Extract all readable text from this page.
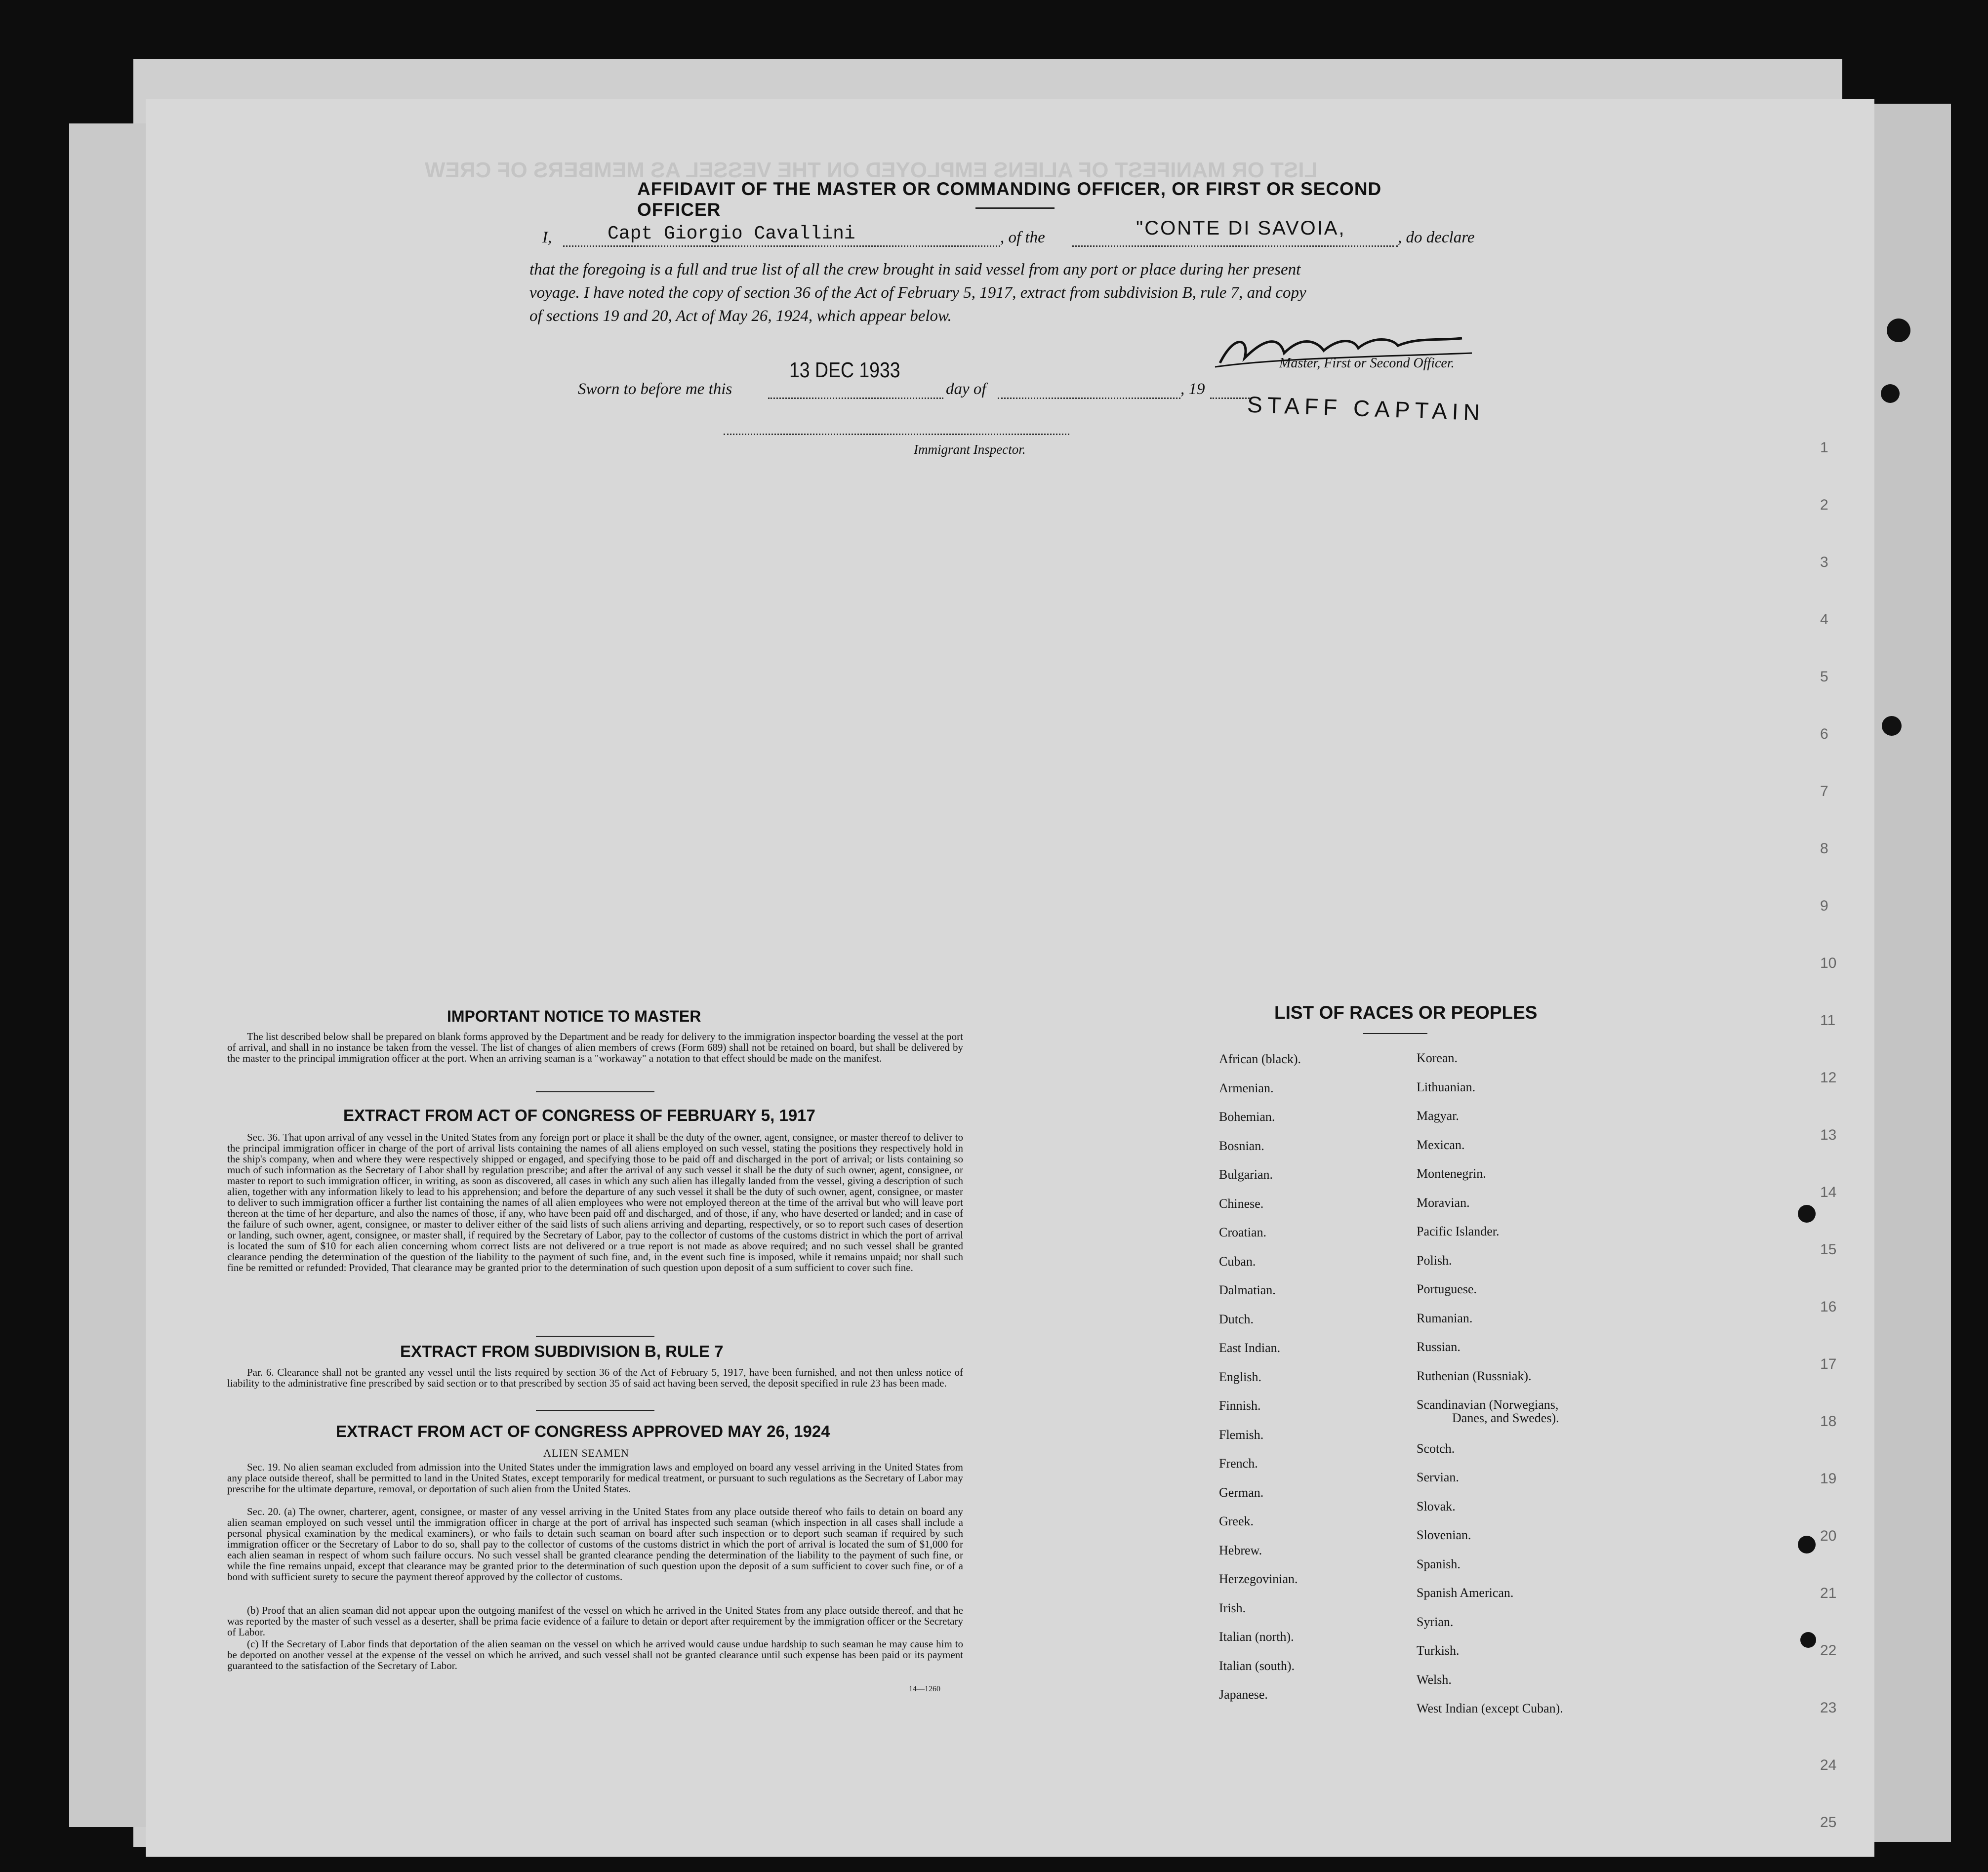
LIST OR MANIFEST OF ALIENS EMPLOYED ON THE VESSEL AS MEMBERS OF CREW
1
2
3
4
5
6
7
8
9
10
11
12
13
14
15
16
17
18
19
20
21
22
23
24
25
AFFIDAVIT OF THE MASTER OR COMMANDING OFFICER, OR FIRST OR SECOND OFFICER
I,	Capt Giorgio Cavallini	, of the	"CONTE DI SAVOIA,	, do declare
that the foregoing is a full and true list of all the crew brought in said vessel from any port or place during her present
voyage. I have noted the copy of section 36 of the Act of February 5, 1917, extract from subdivision B, rule 7, and copy
of sections 19 and 20, Act of May 26, 1924, which appear below.
Master, First or Second Officer.
Sworn to before me this
13 DEC 1933
day of	, 19
STAFF CAPTAIN
Immigrant Inspector.
IMPORTANT NOTICE TO MASTER
The list described below shall be prepared on blank forms approved by the Department and be ready for delivery to the immigration inspector boarding the vessel at the port of arrival, and shall in no instance be taken from the vessel. The list of changes of alien members of crews (Form 689) shall not be retained on board, but shall be delivered by the master to the principal immigration officer at the port. When an arriving seaman is a "workaway" a notation to that effect should be made on the manifest.
EXTRACT FROM ACT OF CONGRESS OF FEBRUARY 5, 1917
Sec. 36. That upon arrival of any vessel in the United States from any foreign port or place it shall be the duty of the owner, agent, consignee, or master thereof to deliver to the principal immigration officer in charge of the port of arrival lists containing the names of all aliens employed on such vessel, stating the positions they respectively hold in the ship's company, when and where they were respectively shipped or engaged, and specifying those to be paid off and discharged in the port of arrival; or lists containing so much of such information as the Secretary of Labor shall by regulation prescribe; and after the arrival of any such vessel it shall be the duty of such owner, agent, consignee, or master to report to such immigration officer, in writing, as soon as discovered, all cases in which any such alien has illegally landed from the vessel, giving a description of such alien, together with any information likely to lead to his apprehension; and before the departure of any such vessel it shall be the duty of such owner, agent, consignee, or master to deliver to such immigration officer a further list containing the names of all alien employees who were not employed thereon at the time of the arrival but who will leave port thereon at the time of her departure, and also the names of those, if any, who have been paid off and discharged, and of those, if any, who have deserted or landed; and in case of the failure of such owner, agent, consignee, or master to deliver either of the said lists of such aliens arriving and departing, respectively, or so to report such cases of desertion or landing, such owner, agent, consignee, or master shall, if required by the Secretary of Labor, pay to the collector of customs of the customs district in which the port of arrival is located the sum of $10 for each alien concerning whom correct lists are not delivered or a true report is not made as above required; and no such vessel shall be granted clearance pending the determination of the question of the liability to the payment of such fine, and, in the event such fine is imposed, while it remains unpaid; nor shall such fine be remitted or refunded: Provided, That clearance may be granted prior to the determination of such question upon deposit of a sum sufficient to cover such fine.
EXTRACT FROM SUBDIVISION B, RULE 7
Par. 6. Clearance shall not be granted any vessel until the lists required by section 36 of the Act of February 5, 1917, have been furnished, and not then unless notice of liability to the administrative fine prescribed by said section or to that prescribed by section 35 of said act having been served, the deposit specified in rule 23 has been made.
EXTRACT FROM ACT OF CONGRESS APPROVED MAY 26, 1924
ALIEN SEAMEN
Sec. 19. No alien seaman excluded from admission into the United States under the immigration laws and employed on board any vessel arriving in the United States from any place outside thereof, shall be permitted to land in the United States, except temporarily for medical treatment, or pursuant to such regulations as the Secretary of Labor may prescribe for the ultimate departure, removal, or deportation of such alien from the United States.
Sec. 20. (a) The owner, charterer, agent, consignee, or master of any vessel arriving in the United States from any place outside thereof who fails to detain on board any alien seaman employed on such vessel until the immigration officer in charge at the port of arrival has inspected such seaman (which inspection in all cases shall include a personal physical examination by the medical examiners), or who fails to detain such seaman on board after such inspection or to deport such seaman if required by such immigration officer or the Secretary of Labor to do so, shall pay to the collector of customs of the customs district in which the port of arrival is located the sum of $1,000 for each alien seaman in respect of whom such failure occurs. No such vessel shall be granted clearance pending the determination of the liability to the payment of such fine, or while the fine remains unpaid, except that clearance may be granted prior to the determination of such question upon the deposit of a sum sufficient to cover such fine, or of a bond with sufficient surety to secure the payment thereof approved by the collector of customs.
(b) Proof that an alien seaman did not appear upon the outgoing manifest of the vessel on which he arrived in the United States from any place outside thereof, and that he was reported by the master of such vessel as a deserter, shall be prima facie evidence of a failure to detain or deport after requirement by the immigration officer or the Secretary of Labor.
(c) If the Secretary of Labor finds that deportation of the alien seaman on the vessel on which he arrived would cause undue hardship to such seaman he may cause him to be deported on another vessel at the expense of the vessel on which he arrived, and such vessel shall not be granted clearance until such expense has been paid or its payment guaranteed to the satisfaction of the Secretary of Labor.
14—1260
LIST OF RACES OR PEOPLES
African (black).
Armenian.
Bohemian.
Bosnian.
Bulgarian.
Chinese.
Croatian.
Cuban.
Dalmatian.
Dutch.
East Indian.
English.
Finnish.
Flemish.
French.
German.
Greek.
Hebrew.
Herzegovinian.
Irish.
Italian (north).
Italian (south).
Japanese.
Korean.
Lithuanian.
Magyar.
Mexican.
Montenegrin.
Moravian.
Pacific Islander.
Polish.
Portuguese.
Rumanian.
Russian.
Ruthenian (Russniak).
Scandinavian (Norwegians,
Danes, and Swedes).
Scotch.
Servian.
Slovak.
Slovenian.
Spanish.
Spanish American.
Syrian.
Turkish.
Welsh.
West Indian (except Cuban).
